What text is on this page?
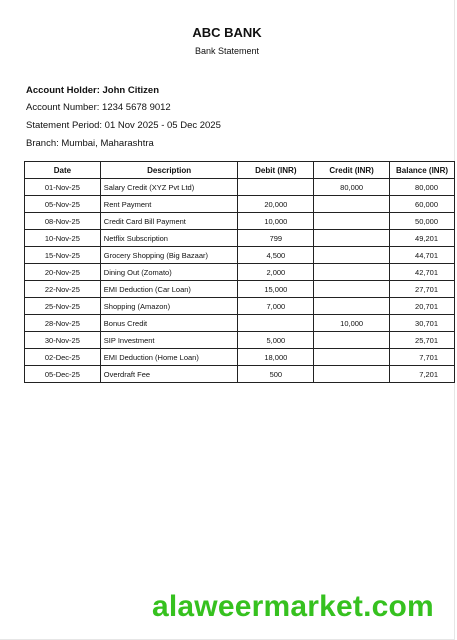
ABC BANK
Bank Statement
Account Holder: John Citizen
Account Number: 1234 5678 9012
Statement Period: 01 Nov 2025 - 05 Dec 2025
Branch: Mumbai, Maharashtra
Date	Description	Debit (INR)	Credit (INR)	Balance (INR)
01-Nov-25	Salary Credit (XYZ Pvt Ltd)		80,000	80,000
05-Nov-25	Rent Payment	20,000		60,000
08-Nov-25	Credit Card Bill Payment	10,000		50,000
10-Nov-25	Netflix Subscription	799		49,201
15-Nov-25	Grocery Shopping (Big Bazaar)	4,500		44,701
20-Nov-25	Dining Out (Zomato)	2,000		42,701
22-Nov-25	EMI Deduction (Car Loan)	15,000		27,701
25-Nov-25	Shopping (Amazon)	7,000		20,701
28-Nov-25	Bonus Credit		10,000	30,701
30-Nov-25	SIP Investment	5,000		25,701
02-Dec-25	EMI Deduction (Home Loan)	18,000		7,701
05-Dec-25	Overdraft Fee	500		7,201
alaweermarket.com
